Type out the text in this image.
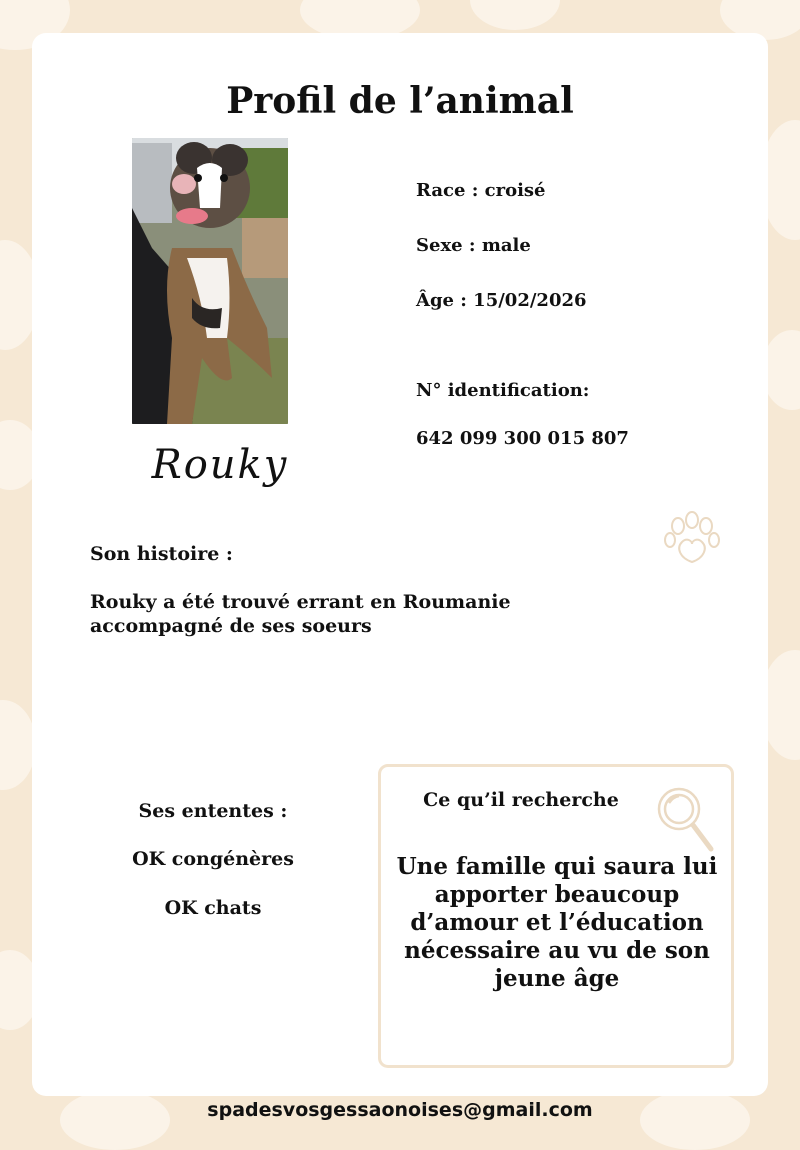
Profil de l’animal
Rouky
Race : croisé
Sexe : male
Âge : 15/02/2026
N° identification:
642 099 300 015 807
Son histoire :
Rouky a été trouvé errant en Roumanie
accompagné de ses soeurs
Ses ententes :
OK congénères
OK chats
Ce qu’il recherche
Une famille qui saura lui
apporter beaucoup
d’amour et l’éducation
nécessaire au vu de son
jeune âge
spadesvosgessaonoises@gmail.com
